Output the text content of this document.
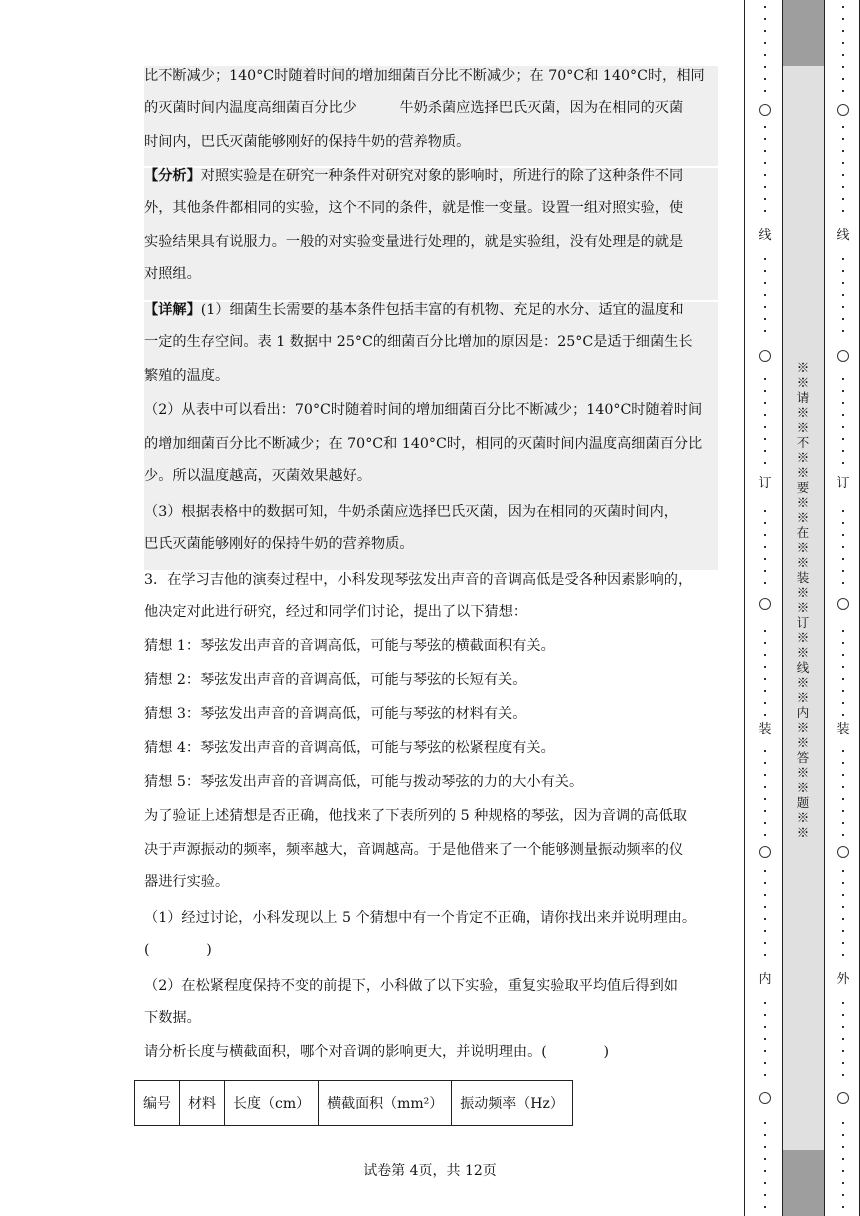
比不断减少；140°C时随着时间的增加细菌百分比不断减少；在 70°C和 140°C时，相同
的灭菌时间内温度高细菌百分比少　　　牛奶杀菌应选择巴氏灭菌，因为在相同的灭菌
时间内，巴氏灭菌能够刚好的保持牛奶的营养物质。
【分析】对照实验是在研究一种条件对研究对象的影响时，所进行的除了这种条件不同
外，其他条件都相同的实验，这个不同的条件，就是惟一变量。设置一组对照实验，使
实验结果具有说服力。一般的对实验变量进行处理的，就是实验组，没有处理是的就是
对照组。
【详解】(1）细菌生长需要的基本条件包括丰富的有机物、充足的水分、适宜的温度和
一定的生存空间。表 1 数据中 25°C的细菌百分比增加的原因是：25°C是适于细菌生长
繁殖的温度。
（2）从表中可以看出：70°C时随着时间的增加细菌百分比不断减少；140°C时随着时间
的增加细菌百分比不断减少；在 70°C和 140°C时，相同的灭菌时间内温度高细菌百分比
少。所以温度越高，灭菌效果越好。
（3）根据表格中的数据可知，牛奶杀菌应选择巴氏灭菌，因为在相同的灭菌时间内，
巴氏灭菌能够刚好的保持牛奶的营养物质。
3．在学习吉他的演奏过程中，小科发现琴弦发出声音的音调高低是受各种因素影响的，
他决定对此进行研究，经过和同学们讨论，提出了以下猜想：
猜想 1：琴弦发出声音的音调高低，可能与琴弦的横截面积有关。
猜想 2：琴弦发出声音的音调高低，可能与琴弦的长短有关。
猜想 3：琴弦发出声音的音调高低，可能与琴弦的材料有关。
猜想 4：琴弦发出声音的音调高低，可能与琴弦的松紧程度有关。
猜想 5：琴弦发出声音的音调高低，可能与拨动琴弦的力的大小有关。
为了验证上述猜想是否正确，他找来了下表所列的 5 种规格的琴弦，因为音调的高低取
决于声源振动的频率，频率越大，音调越高。于是他借来了一个能够测量振动频率的仪
器进行实验。
（1）经过讨论，小科发现以上 5 个猜想中有一个肯定不正确，请你找出来并说明理由。
(　　　　)
（2）在松紧程度保持不变的前提下，小科做了以下实验，重复实验取平均值后得到如
下数据。
请分析长度与横截面积，哪个对音调的影响更大，并说明理由。(　　　　)
编号	材料	长度（cm）	横截面积（mm²）	振动频率（Hz）
试卷第 4页，共 12页
※※请※※不※※要※※在※※装※※订※※线※※内※※答※※题※※
线
订
装
内
线
订
装
外
